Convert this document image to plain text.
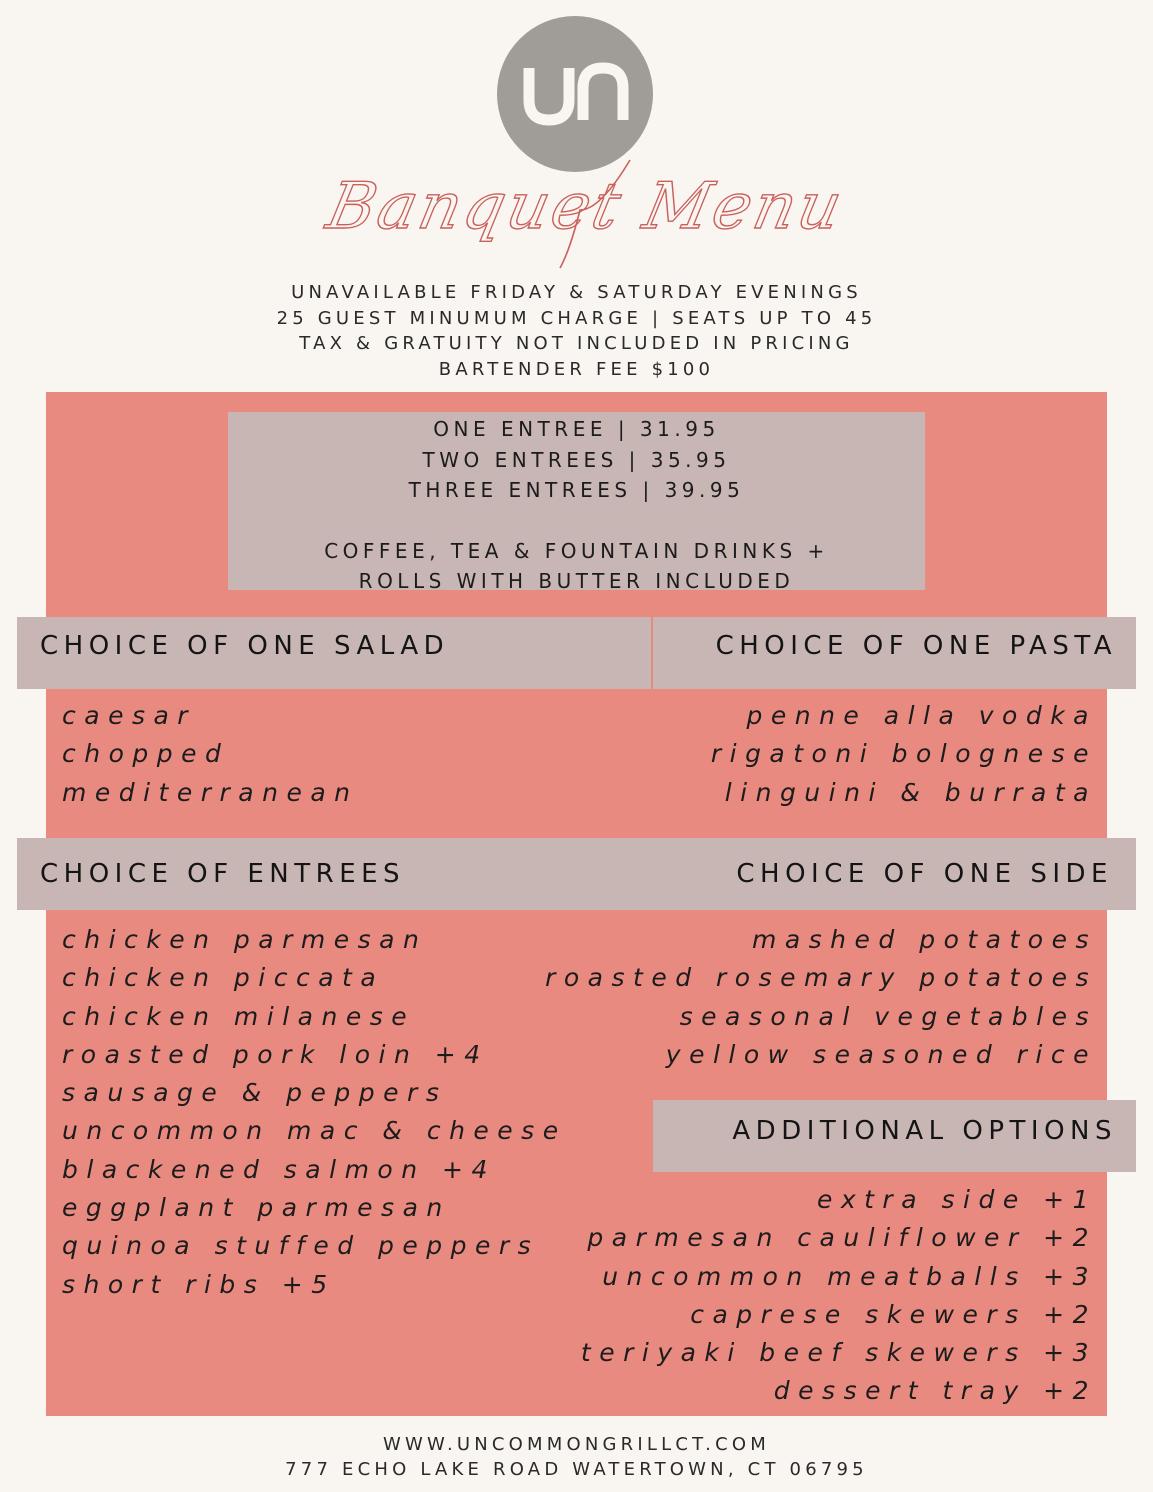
Banquet Menu
UNAVAILABLE FRIDAY & SATURDAY EVENINGS
25 GUEST MINUMUM CHARGE | SEATS UP TO 45
TAX & GRATUITY NOT INCLUDED IN PRICING
BARTENDER FEE $100
ONE ENTREE | 31.95
TWO ENTREES | 35.95
THREE ENTREES | 39.95
COFFEE, TEA & FOUNTAIN DRINKS +
ROLLS WITH BUTTER INCLUDED
CHOICE OF ONE SALAD	CHOICE OF ONE PASTA
caesar
chopped
mediterranean
penne alla vodka
rigatoni bolognese
linguini & burrata
CHOICE OF ENTREES	CHOICE OF ONE SIDE
chicken parmesan
chicken piccata
chicken milanese
roasted pork loin +4
sausage & peppers
uncommon mac & cheese
blackened salmon +4
eggplant parmesan
quinoa stuffed peppers
short ribs +5
mashed potatoes
roasted rosemary potatoes
seasonal vegetables
yellow seasoned rice
ADDITIONAL OPTIONS
extra side +1
parmesan cauliflower +2
uncommon meatballs +3
caprese skewers +2
teriyaki beef skewers +3
dessert tray +2
WWW.UNCOMMONGRILLCT.COM
777 ECHO LAKE ROAD WATERTOWN, CT 06795
